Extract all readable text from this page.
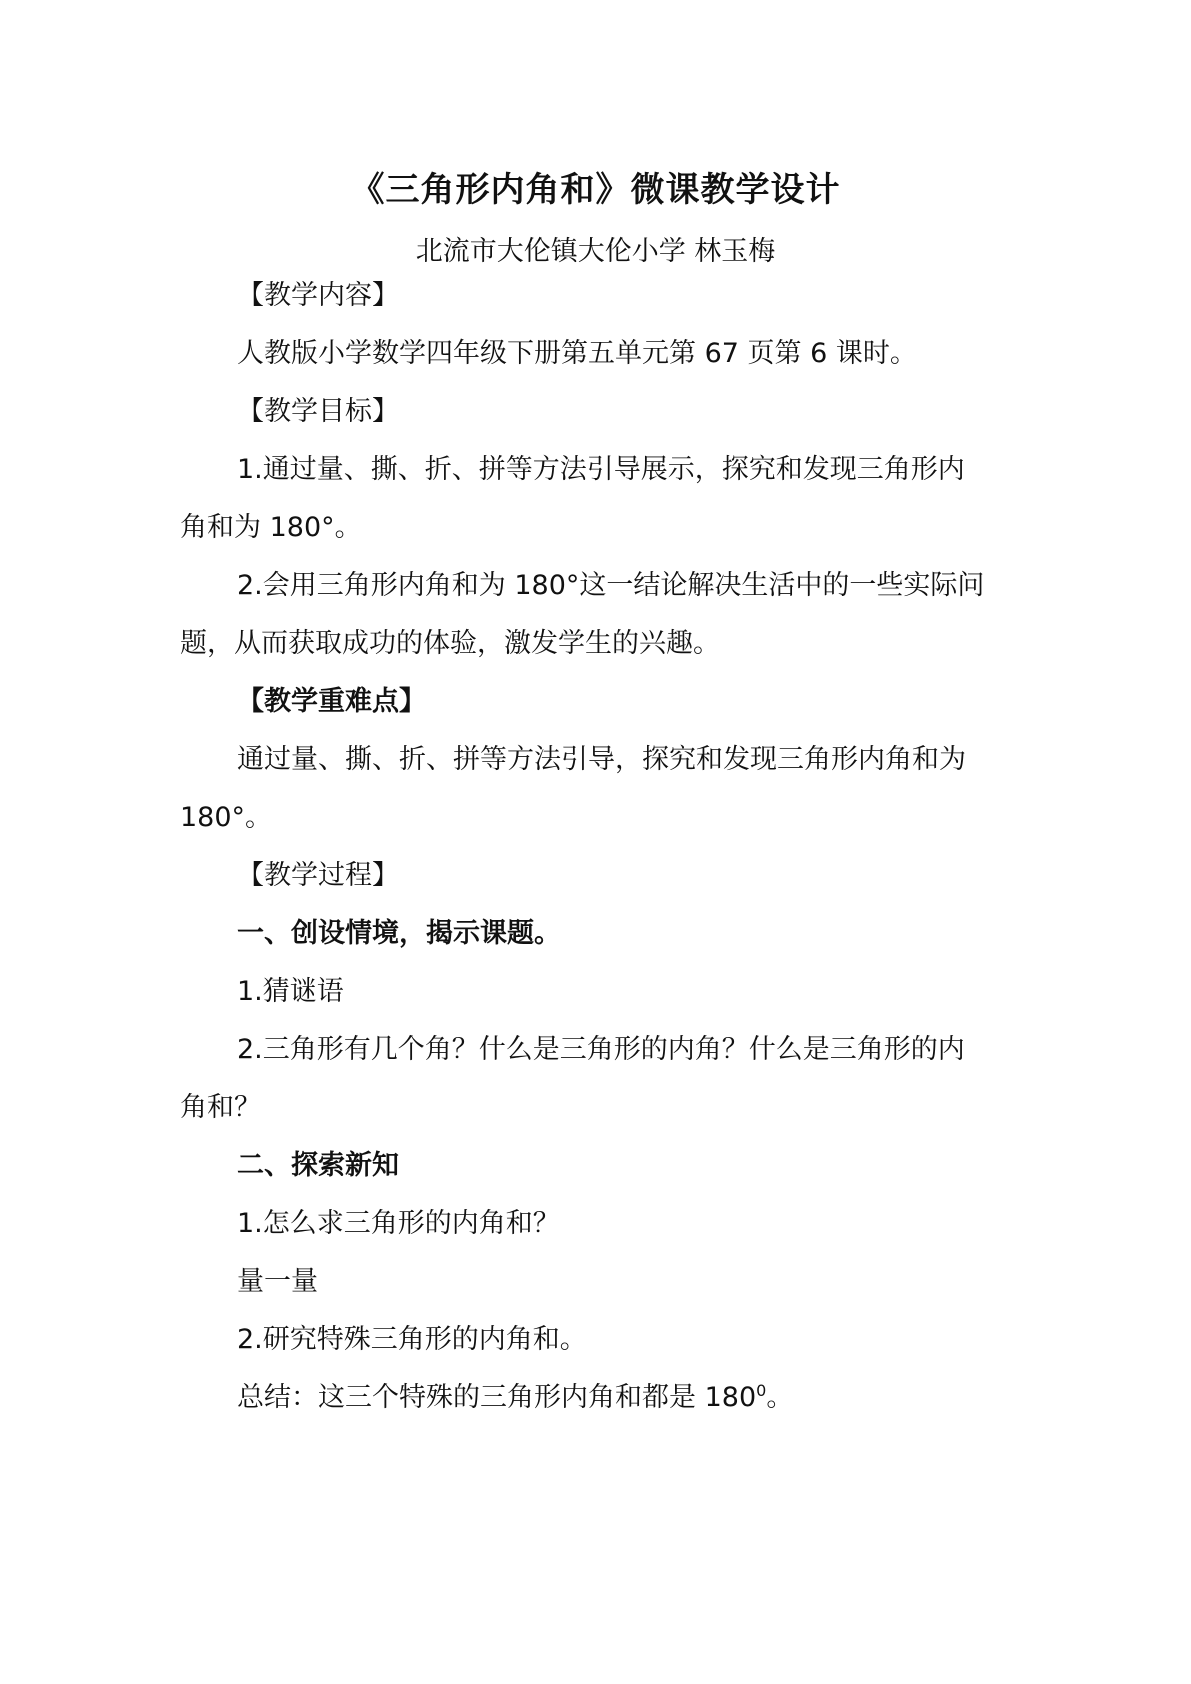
《三角形内角和》微课教学设计
北流市大伦镇大伦小学 林玉梅
【教学内容】
人教版小学数学四年级下册第五单元第 67 页第 6 课时。
【教学目标】
1.通过量、撕、折、拼等方法引导展示，探究和发现三角形内
角和为 180°。
2.会用三角形内角和为 180°这一结论解决生活中的一些实际问
题，从而获取成功的体验，激发学生的兴趣。
【教学重难点】
通过量、撕、折、拼等方法引导，探究和发现三角形内角和为
180°。
【教学过程】
一、创设情境，揭示课题。
1.猜谜语
2.三角形有几个角？什么是三角形的内角？什么是三角形的内
角和？
二、探索新知
1.怎么求三角形的内角和？
量一量
2.研究特殊三角形的内角和。
总结：这三个特殊的三角形内角和都是 $180^0$。
